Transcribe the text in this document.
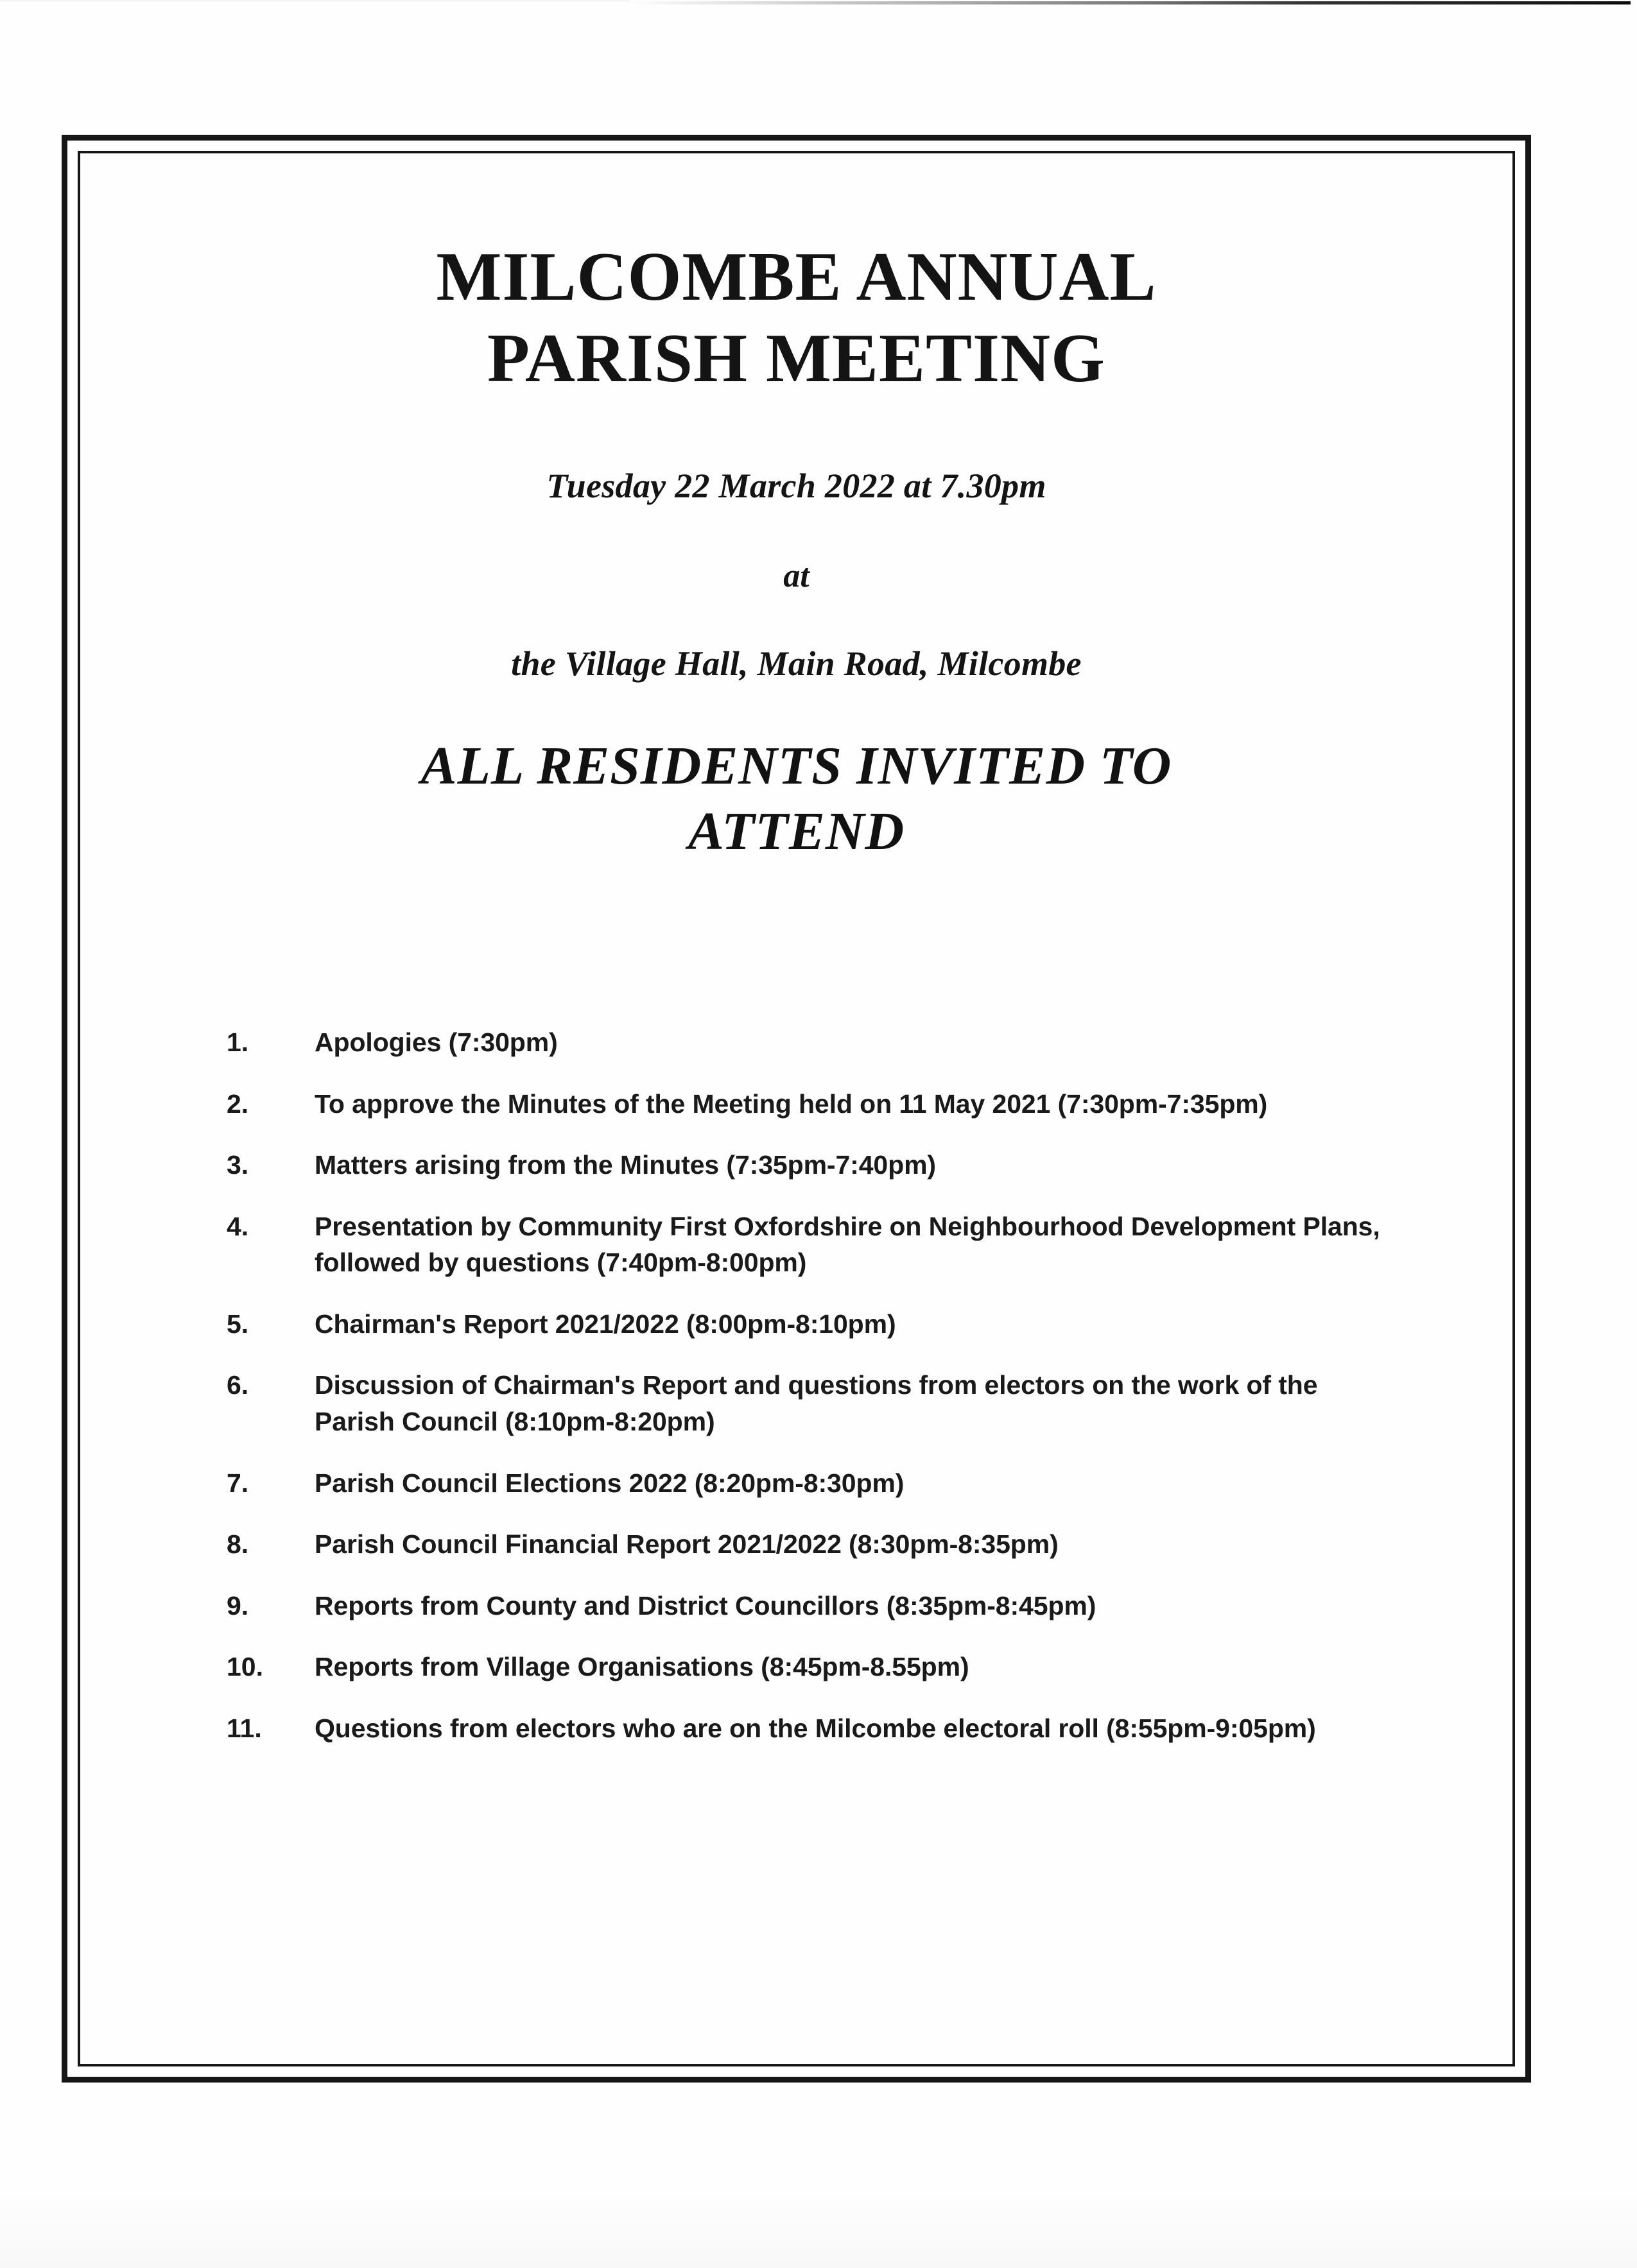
MILCOMBE ANNUAL
PARISH MEETING

Tuesday 22 March 2022 at 7.30pm

at

the Village Hall, Main Road, Milcombe

ALL RESIDENTS INVITED TO
ATTEND
1.	Apologies (7:30pm)
2.	To approve the Minutes of the Meeting held on 11 May 2021 (7:30pm-7:35pm)
3.	Matters arising from the Minutes (7:35pm-7:40pm)
4.	Presentation by Community First Oxfordshire on Neighbourhood Development Plans, followed by questions (7:40pm-8:00pm)
5.	Chairman's Report 2021/2022 (8:00pm-8:10pm)
6.	Discussion of Chairman's Report and questions from electors on the work of the Parish Council (8:10pm-8:20pm)
7.	Parish Council Elections 2022 (8:20pm-8:30pm)
8.	Parish Council Financial Report 2021/2022 (8:30pm-8:35pm)
9.	Reports from County and District Councillors (8:35pm-8:45pm)
10.	Reports from Village Organisations (8:45pm-8.55pm)
11.	Questions from electors who are on the Milcombe electoral roll (8:55pm-9:05pm)
